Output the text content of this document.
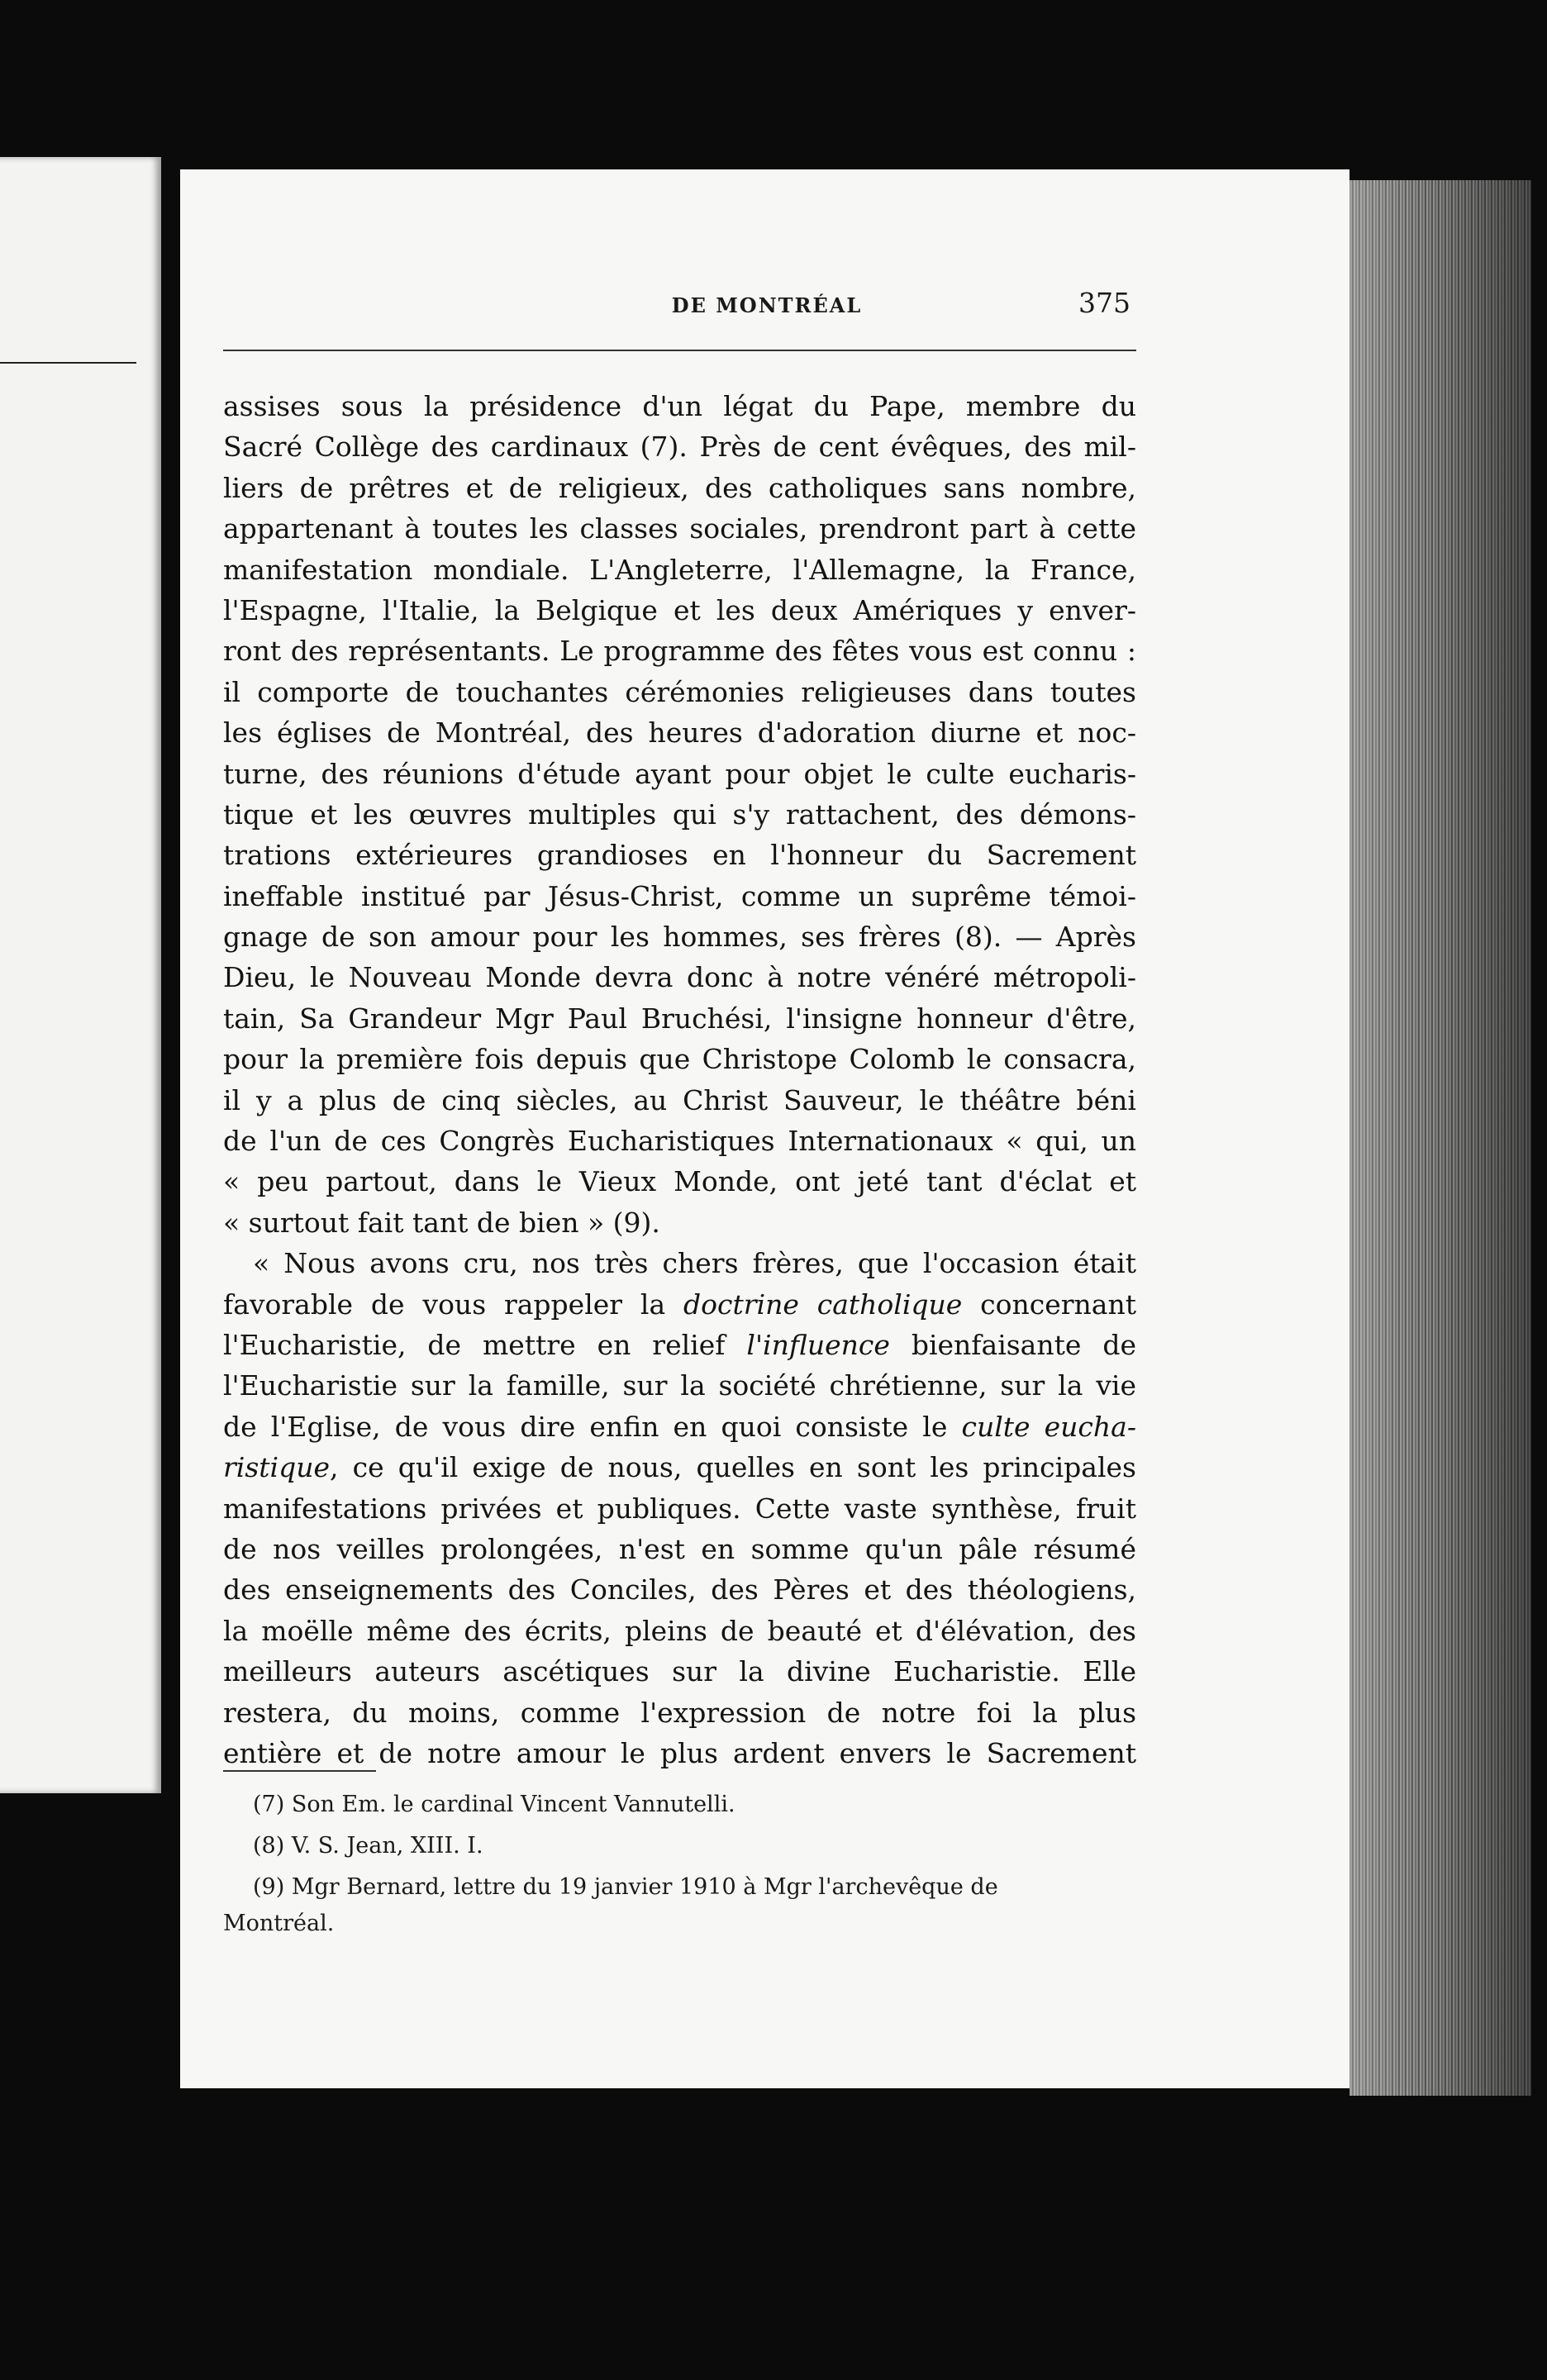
DE MONTRÉAL	375
assises sous la présidence d'un légat du Pape, membre du
Sacré Collège des cardinaux (7). Près de cent évêques, des mil-
liers de prêtres et de religieux, des catholiques sans nombre,
appartenant à toutes les classes sociales, prendront part à cette
manifestation mondiale. L'Angleterre, l'Allemagne, la France,
l'Espagne, l'Italie, la Belgique et les deux Amériques y enver-
ront des représentants. Le programme des fêtes vous est connu :
il comporte de touchantes cérémonies religieuses dans toutes
les églises de Montréal, des heures d'adoration diurne et noc-
turne, des réunions d'étude ayant pour objet le culte eucharis-
tique et les œuvres multiples qui s'y rattachent, des démons-
trations extérieures grandioses en l'honneur du Sacrement
ineffable institué par Jésus-Christ, comme un suprême témoi-
gnage de son amour pour les hommes, ses frères (8). — Après
Dieu, le Nouveau Monde devra donc à notre vénéré métropoli-
tain, Sa Grandeur Mgr Paul Bruchési, l'insigne honneur d'être,
pour la première fois depuis que Christope Colomb le consacra,
il y a plus de cinq siècles, au Christ Sauveur, le théâtre béni
de l'un de ces Congrès Eucharistiques Internationaux « qui, un
« peu partout, dans le Vieux Monde, ont jeté tant d'éclat et
« surtout fait tant de bien » (9).
« Nous avons cru, nos très chers frères, que l'occasion était
favorable de vous rappeler la doctrine catholique concernant
l'Eucharistie, de mettre en relief l'influence bienfaisante de
l'Eucharistie sur la famille, sur la société chrétienne, sur la vie
de l'Eglise, de vous dire enfin en quoi consiste le culte eucha-
ristique, ce qu'il exige de nous, quelles en sont les principales
manifestations privées et publiques. Cette vaste synthèse, fruit
de nos veilles prolongées, n'est en somme qu'un pâle résumé
des enseignements des Conciles, des Pères et des théologiens,
la moëlle même des écrits, pleins de beauté et d'élévation, des
meilleurs auteurs ascétiques sur la divine Eucharistie. Elle
restera, du moins, comme l'expression de notre foi la plus
entière et de notre amour le plus ardent envers le Sacrement
(7) Son Em. le cardinal Vincent Vannutelli.
(8) V. S. Jean, XIII. I.
(9) Mgr Bernard, lettre du 19 janvier 1910 à Mgr l'archevêque de
Montréal.
